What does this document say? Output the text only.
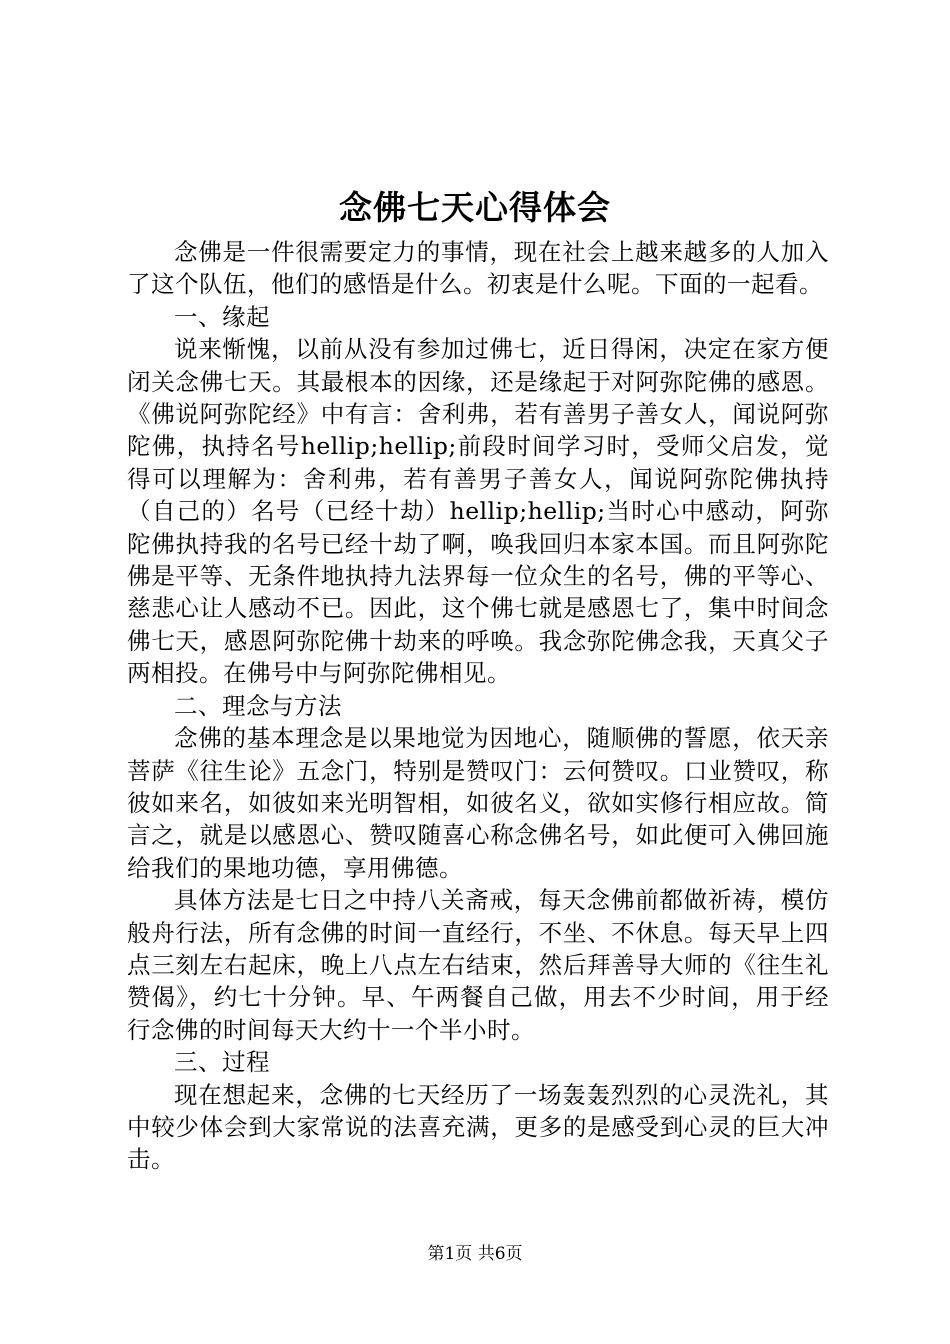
念佛七天心得体会

念佛是一件很需要定力的事情，现在社会上越来越多的人加入了这个队伍，他们的感悟是什么。初衷是什么呢。下面的一起看。

一、缘起

说来惭愧，以前从没有参加过佛七，近日得闲，决定在家方便闭关念佛七天。其最根本的因缘，还是缘起于对阿弥陀佛的感恩。《佛说阿弥陀经》中有言：舍利弗，若有善男子善女人，闻说阿弥陀佛，执持名号hellip;hellip;前段时间学习时，受师父启发，觉得可以理解为：舍利弗，若有善男子善女人，闻说阿弥陀佛执持（自己的）名号（已经十劫）hellip;hellip;当时心中感动，阿弥陀佛执持我的名号已经十劫了啊，唤我回归本家本国。而且阿弥陀佛是平等、无条件地执持九法界每一位众生的名号，佛的平等心、慈悲心让人感动不已。因此，这个佛七就是感恩七了，集中时间念佛七天，感恩阿弥陀佛十劫来的呼唤。我念弥陀佛念我，天真父子两相投。在佛号中与阿弥陀佛相见。

二、理念与方法

念佛的基本理念是以果地觉为因地心，随顺佛的誓愿，依天亲菩萨《往生论》五念门，特别是赞叹门：云何赞叹。口业赞叹，称彼如来名，如彼如来光明智相，如彼名义，欲如实修行相应故。简言之，就是以感恩心、赞叹随喜心称念佛名号，如此便可入佛回施给我们的果地功德，享用佛德。

具体方法是七日之中持八关斋戒，每天念佛前都做祈祷，模仿般舟行法，所有念佛的时间一直经行，不坐、不休息。每天早上四点三刻左右起床，晚上八点左右结束，然后拜善导大师的《往生礼赞偈》，约七十分钟。早、午两餐自己做，用去不少时间，用于经行念佛的时间每天大约十一个半小时。

三、过程

现在想起来，念佛的七天经历了一场轰轰烈烈的心灵洗礼，其中较少体会到大家常说的法喜充满，更多的是感受到心灵的巨大冲击。

第1页 共6页
